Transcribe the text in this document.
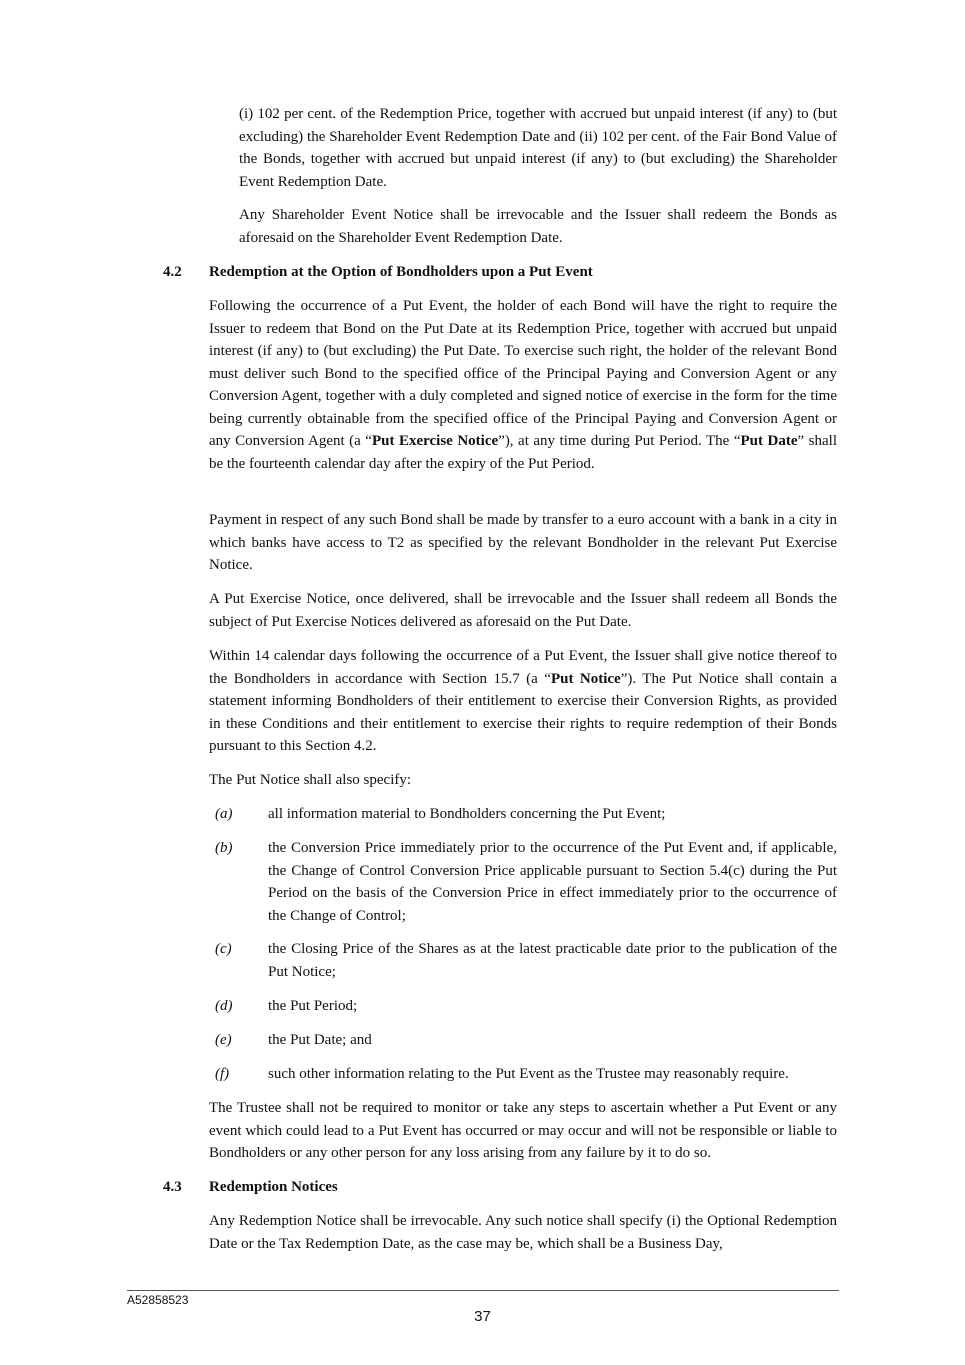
(i) 102 per cent. of the Redemption Price, together with accrued but unpaid interest (if any) to (but excluding) the Shareholder Event Redemption Date and (ii) 102 per cent. of the Fair Bond Value of the Bonds, together with accrued but unpaid interest (if any) to (but excluding) the Shareholder Event Redemption Date.

Any Shareholder Event Notice shall be irrevocable and the Issuer shall redeem the Bonds as aforesaid on the Shareholder Event Redemption Date.

4.2 Redemption at the Option of Bondholders upon a Put Event

Following the occurrence of a Put Event, the holder of each Bond will have the right to require the Issuer to redeem that Bond on the Put Date at its Redemption Price, together with accrued but unpaid interest (if any) to (but excluding) the Put Date. To exercise such right, the holder of the relevant Bond must deliver such Bond to the specified office of the Principal Paying and Conversion Agent or any Conversion Agent, together with a duly completed and signed notice of exercise in the form for the time being currently obtainable from the specified office of the Principal Paying and Conversion Agent or any Conversion Agent (a “Put Exercise Notice”), at any time during Put Period. The “Put Date” shall be the fourteenth calendar day after the expiry of the Put Period.

Payment in respect of any such Bond shall be made by transfer to a euro account with a bank in a city in which banks have access to T2 as specified by the relevant Bondholder in the relevant Put Exercise Notice.

A Put Exercise Notice, once delivered, shall be irrevocable and the Issuer shall redeem all Bonds the subject of Put Exercise Notices delivered as aforesaid on the Put Date.

Within 14 calendar days following the occurrence of a Put Event, the Issuer shall give notice thereof to the Bondholders in accordance with Section 15.7 (a “Put Notice”). The Put Notice shall contain a statement informing Bondholders of their entitlement to exercise their Conversion Rights, as provided in these Conditions and their entitlement to exercise their rights to require redemption of their Bonds pursuant to this Section 4.2.

The Put Notice shall also specify:

(a) all information material to Bondholders concerning the Put Event;

(b) the Conversion Price immediately prior to the occurrence of the Put Event and, if applicable, the Change of Control Conversion Price applicable pursuant to Section 5.4(c) during the Put Period on the basis of the Conversion Price in effect immediately prior to the occurrence of the Change of Control;

(c) the Closing Price of the Shares as at the latest practicable date prior to the publication of the Put Notice;

(d) the Put Period;

(e) the Put Date; and

(f)	such other information relating to the Put Event as the Trustee may reasonably require.

The Trustee shall not be required to monitor or take any steps to ascertain whether a Put Event or any event which could lead to a Put Event has occurred or may occur and will not be responsible or liable to Bondholders or any other person for any loss arising from any failure by it to do so.

4.3 Redemption Notices

Any Redemption Notice shall be irrevocable. Any such notice shall specify (i) the Optional Redemption Date or the Tax Redemption Date, as the case may be, which shall be a Business Day,

A52858523
37
